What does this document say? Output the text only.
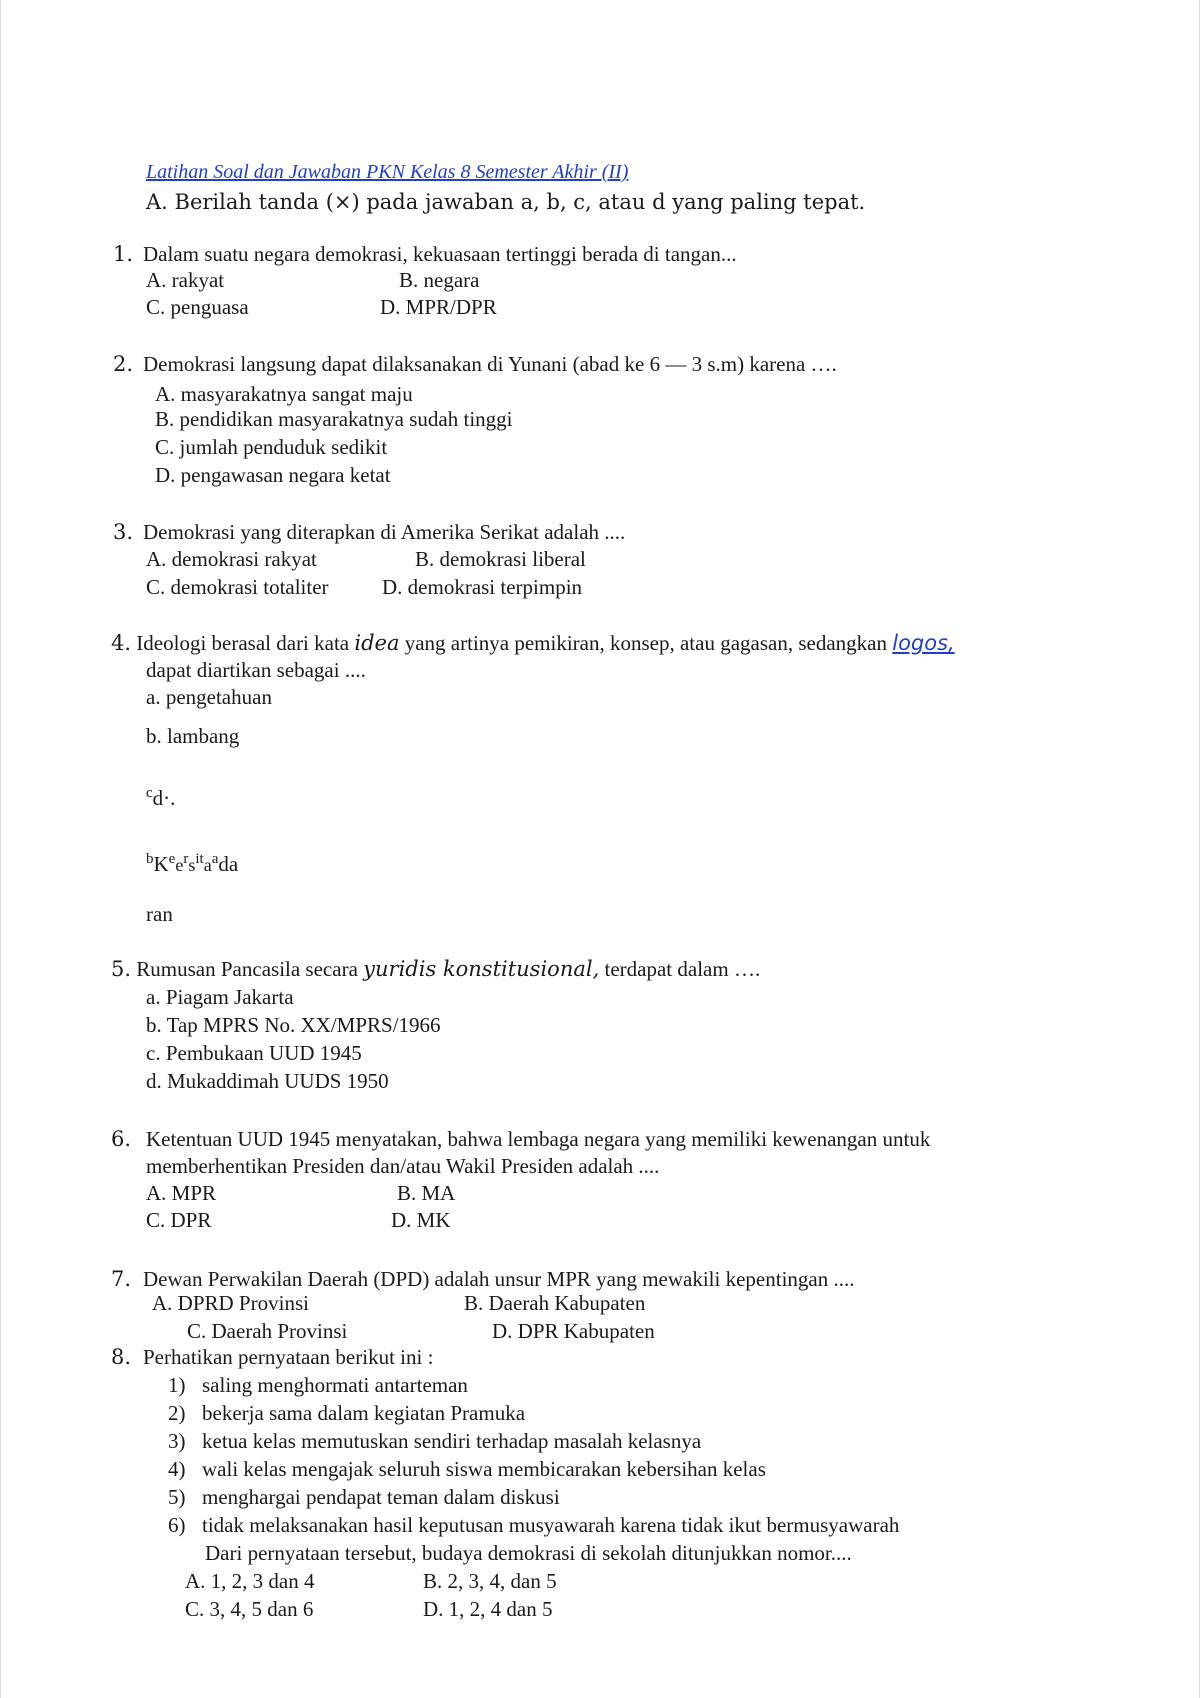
Latihan Soal dan Jawaban PKN Kelas 8 Semester Akhir (II)
A. Berilah tanda (×) pada jawaban a, b, c, atau d yang paling tepat.
1. Dalam suatu negara demokrasi, kekuasaan tertinggi berada di tangan...
A. rakyat	B. negara
C. penguasa	D. MPR/DPR
2. Demokrasi langsung dapat dilaksanakan di Yunani (abad ke 6 — 3 s.m) karena ….
A. masyarakatnya sangat maju
B. pendidikan masyarakatnya sudah tinggi
C. jumlah penduduk sedikit
D. pengawasan negara ketat
3. Demokrasi yang diterapkan di Amerika Serikat adalah ....
A. demokrasi rakyat	B. demokrasi liberal
C. demokrasi totaliter	D. demokrasi terpimpin
4. Ideologi berasal dari kata idea yang artinya pemikiran, konsep, atau gagasan, sedangkan logos,
dapat diartikan sebagai ....
a. pengetahuan
b. lambang
$^c$d·.
$^bK^ee^rs^{it}a^ada$
ran
5. Rumusan Pancasila secara yuridis konstitusional, terdapat dalam ….
a. Piagam Jakarta
b. Tap MPRS No. XX/MPRS/1966
c. Pembukaan UUD 1945
d. Mukaddimah UUDS 1950
6. Ketentuan UUD 1945 menyatakan, bahwa lembaga negara yang memiliki kewenangan untuk
memberhentikan Presiden dan/atau Wakil Presiden adalah ....
A. MPR	B. MA
C. DPR	D. MK
7. Dewan Perwakilan Daerah (DPD) adalah unsur MPR yang mewakili kepentingan ....
A. DPRD Provinsi	B. Daerah Kabupaten
C. Daerah Provinsi	D. DPR Kabupaten
8. Perhatikan pernyataan berikut ini :
1) saling menghormati antarteman
2) bekerja sama dalam kegiatan Pramuka
3) ketua kelas memutuskan sendiri terhadap masalah kelasnya
4) wali kelas mengajak seluruh siswa membicarakan kebersihan kelas
5) menghargai pendapat teman dalam diskusi
6) tidak melaksanakan hasil keputusan musyawarah karena tidak ikut bermusyawarah
Dari pernyataan tersebut, budaya demokrasi di sekolah ditunjukkan nomor....
A. 1, 2, 3 dan 4	B. 2, 3, 4, dan 5
C. 3, 4, 5 dan 6	D. 1, 2, 4 dan 5
